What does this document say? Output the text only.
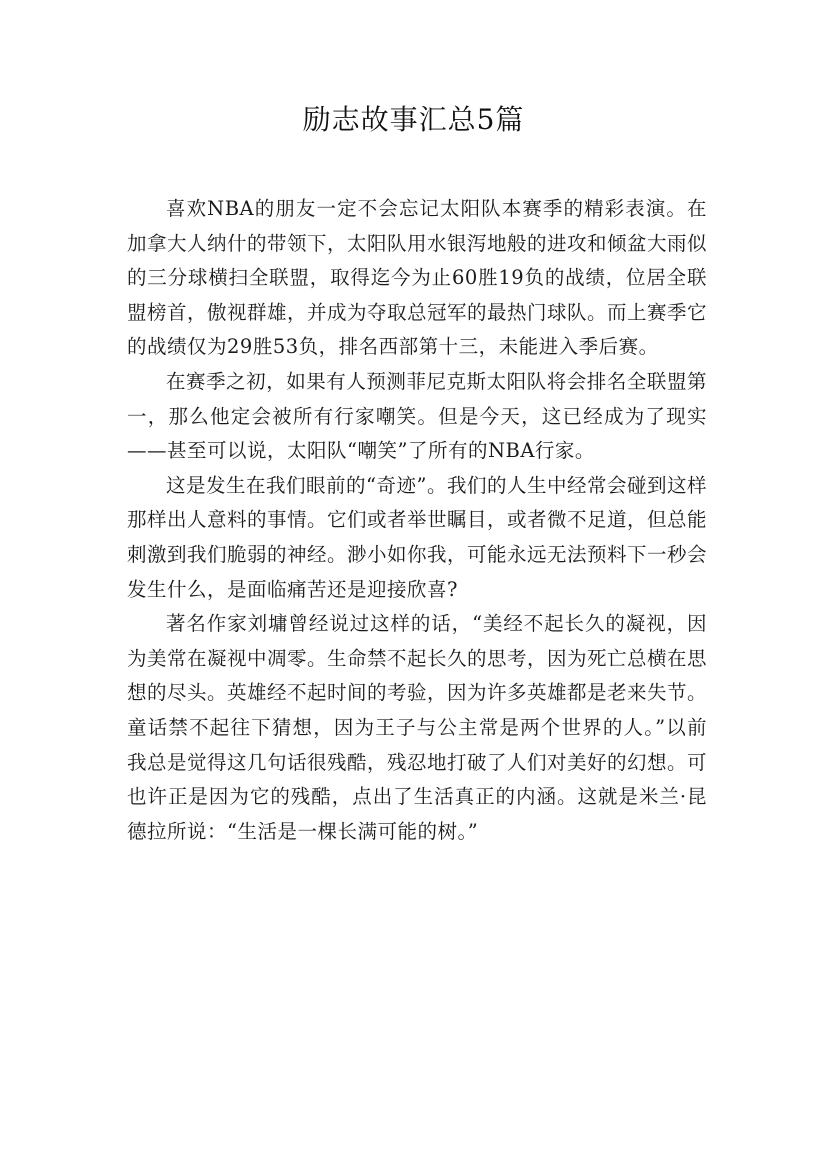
励志故事汇总5篇

喜欢NBA的朋友一定不会忘记太阳队本赛季的精彩表演。在加拿大人纳什的带领下，太阳队用水银泻地般的进攻和倾盆大雨似的三分球横扫全联盟，取得迄今为止60胜19负的战绩，位居全联盟榜首，傲视群雄，并成为夺取总冠军的最热门球队。而上赛季它的战绩仅为29胜53负，排名西部第十三，未能进入季后赛。

在赛季之初，如果有人预测菲尼克斯太阳队将会排名全联盟第一，那么他定会被所有行家嘲笑。但是今天，这已经成为了现实——甚至可以说，太阳队“嘲笑”了所有的NBA行家。

这是发生在我们眼前的“奇迹”。我们的人生中经常会碰到这样那样出人意料的事情。它们或者举世瞩目，或者微不足道，但总能刺激到我们脆弱的神经。渺小如你我，可能永远无法预料下一秒会发生什么，是面临痛苦还是迎接欣喜?

著名作家刘墉曾经说过这样的话，“美经不起长久的凝视，因为美常在凝视中凋零。生命禁不起长久的思考，因为死亡总横在思想的尽头。英雄经不起时间的考验，因为许多英雄都是老来失节。童话禁不起往下猜想，因为王子与公主常是两个世界的人。”以前我总是觉得这几句话很残酷，残忍地打破了人们对美好的幻想。可也许正是因为它的残酷，点出了生活真正的内涵。这就是米兰·昆德拉所说：“生活是一棵长满可能的树。”
